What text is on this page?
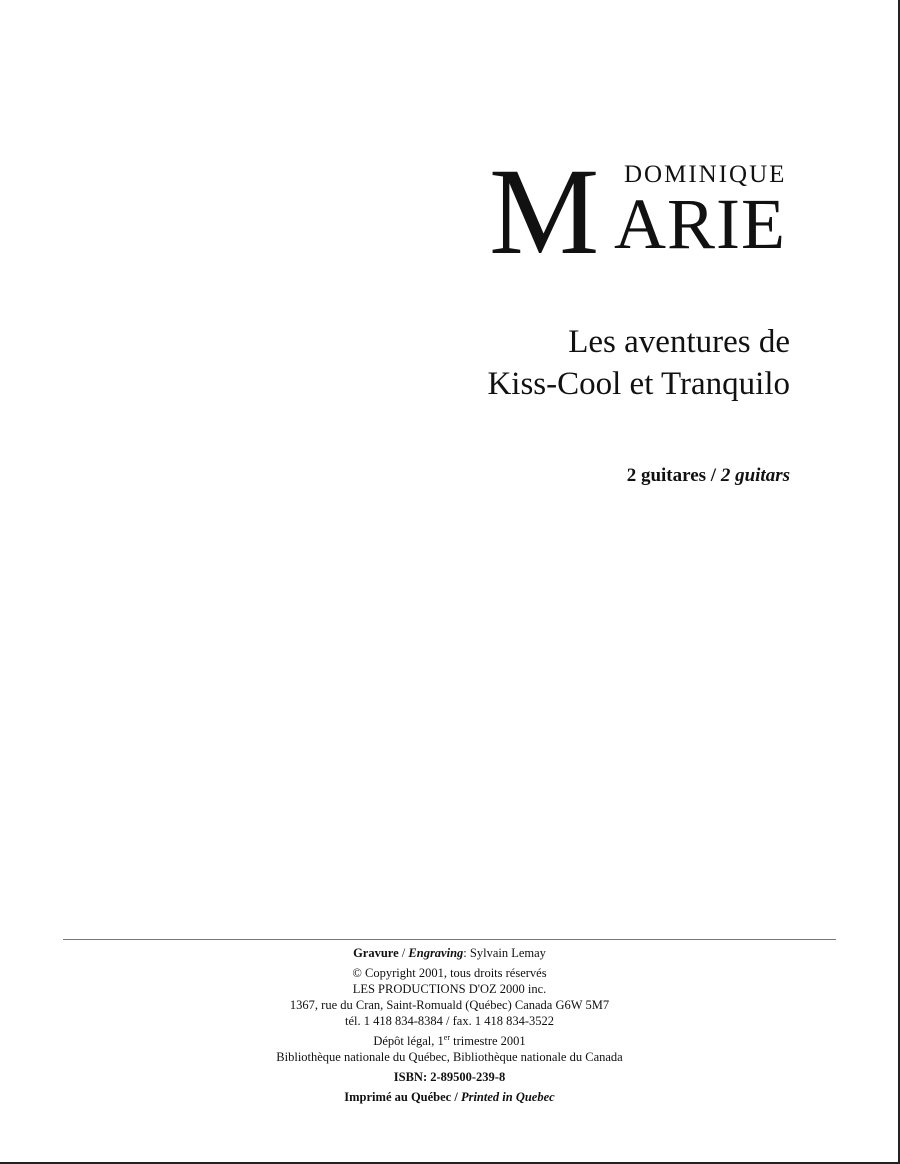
M DOMINIQUE
ARIE
Les aventures de
Kiss-Cool et Tranquilo
2 guitares / 2 guitars
Gravure / Engraving: Sylvain Lemay
© Copyright 2001, tous droits réservés
LES PRODUCTIONS D'OZ 2000 inc.
1367, rue du Cran, Saint-Romuald (Québec) Canada G6W 5M7
tél. 1 418 834-8384 / fax. 1 418 834-3522
Dépôt légal, 1er trimestre 2001
Bibliothèque nationale du Québec, Bibliothèque nationale du Canada
ISBN: 2-89500-239-8
Imprimé au Québec / Printed in Quebec
